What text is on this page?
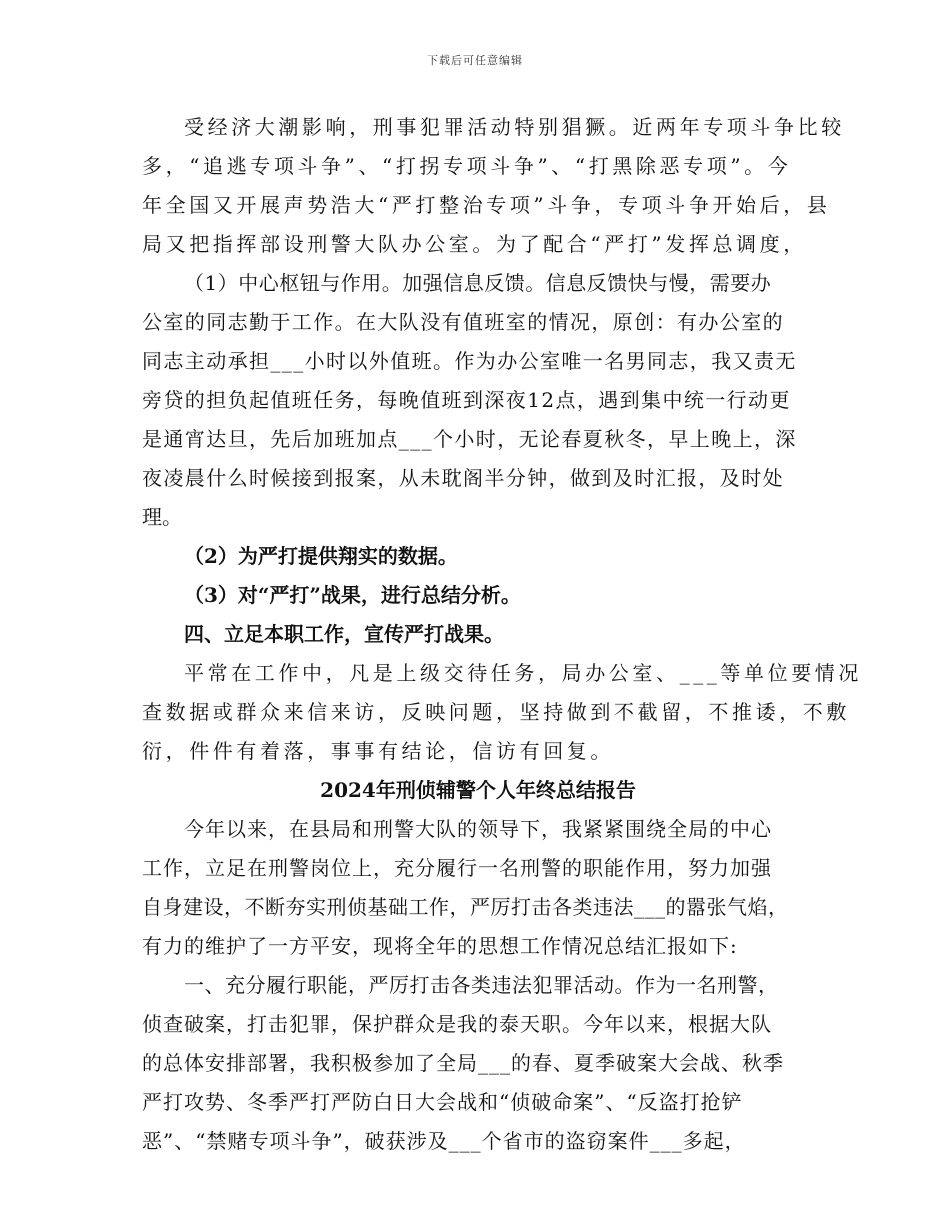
下载后可任意编辑
受经济大潮影响，刑事犯罪活动特别猖獗。近两年专项斗争比较
多，“追逃专项斗争”、“打拐专项斗争”、“打黑除恶专项”。今
年全国又开展声势浩大“严打整治专项”斗争，专项斗争开始后，县
局又把指挥部设刑警大队办公室。为了配合“严打”发挥总调度，
（1）中心枢钮与作用。加强信息反馈。信息反馈快与慢，需要办
公室的同志勤于工作。在大队没有值班室的情况，原创：有办公室的
同志主动承担___小时以外值班。作为办公室唯一名男同志，我又责无
旁贷的担负起值班任务，每晚值班到深夜12点，遇到集中统一行动更
是通宵达旦，先后加班加点___个小时，无论春夏秋冬，早上晚上，深
夜凌晨什么时候接到报案，从未耽阁半分钟，做到及时汇报，及时处
理。
（2）为严打提供翔实的数据。
（3）对“严打”战果，进行总结分析。
四、立足本职工作，宣传严打战果。
平常在工作中，凡是上级交待任务，局办公室、___等单位要情况
查数据或群众来信来访，反映问题，坚持做到不截留，不推诿，不敷
衍，件件有着落，事事有结论，信访有回复。
2024年刑侦辅警个人年终总结报告
今年以来，在县局和刑警大队的领导下，我紧紧围绕全局的中心
工作，立足在刑警岗位上，充分履行一名刑警的职能作用，努力加强
自身建设，不断夯实刑侦基础工作，严厉打击各类违法___的嚣张气焰，
有力的维护了一方平安，现将全年的思想工作情况总结汇报如下:
一、充分履行职能，严厉打击各类违法犯罪活动。作为一名刑警，
侦查破案，打击犯罪，保护群众是我的泰天职。今年以来，根据大队
的总体安排部署，我积极参加了全局___的春、夏季破案大会战、秋季
严打攻势、冬季严打严防白日大会战和“侦破命案”、“反盗打抢铲
恶”、“禁赌专项斗争”，破获涉及___个省市的盗窃案件___多起，
